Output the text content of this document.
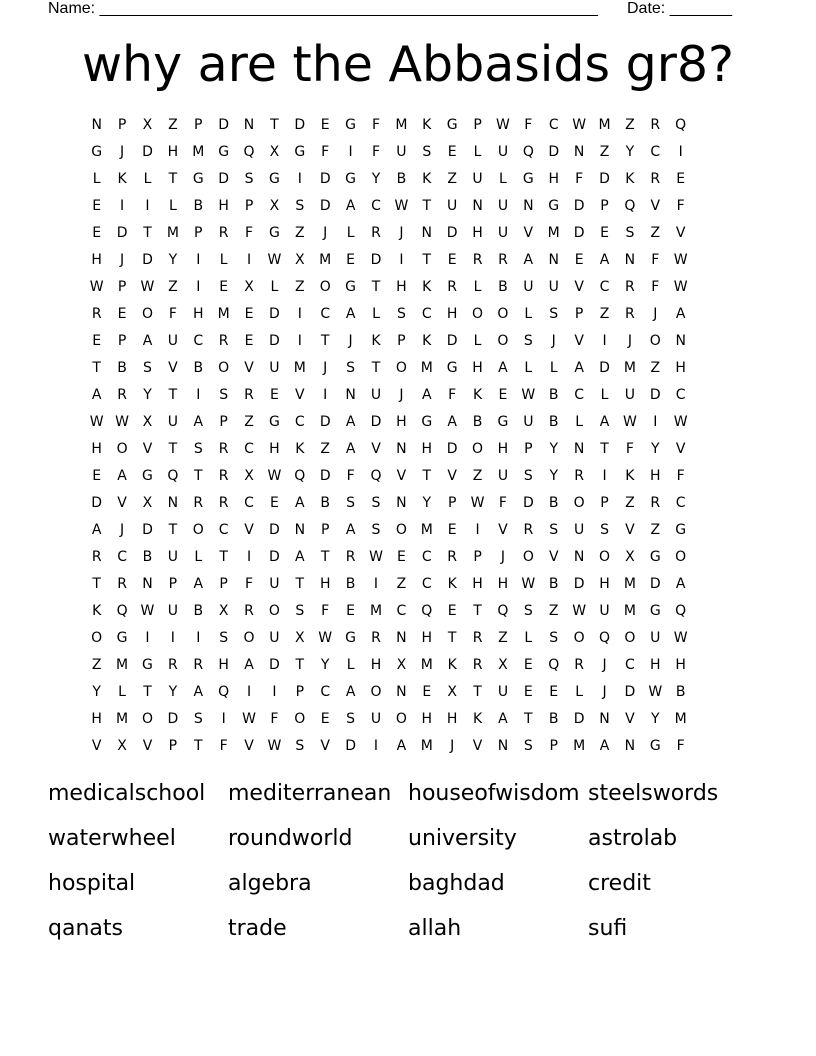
Name: ________________________________________________________ Date: _______
why are the Abbasids gr8?
N P X Z P D N T D E G F M K G P W F C W M Z R Q
G J D H M G Q X G F I F U S E L U Q D N Z Y C I
L K L T G D S G I D G Y B K Z U L G H F D K R E
E I I L B H P X S D A C W T U N U N G D P Q V F
E D T M P R F G Z J L R J N D H U V M D E S Z V
H J D Y I L I W X M E D I T E R R A N E A N F W
W P W Z I E X L Z O G T H K R L B U U V C R F W
R E O F H M E D I C A L S C H O O L S P Z R J A
E P A U C R E D I T J K P K D L O S J V I J O N
T B S V B O V U M J S T O M G H A L L A D M Z H
A R Y T I S R E V I N U J A F K E W B C L U D C
W W X U A P Z G C D A D H G A B G U B L A W I W
H O V T S R C H K Z A V N H D O H P Y N T F Y V
E A G Q T R X W Q D F Q V T V Z U S Y R I K H F
D V X N R R C E A B S S N Y P W F D B O P Z R C
A J D T O C V D N P A S O M E I V R S U S V Z G
R C B U L T I D A T R W E C R P J O V N O X G O
T R N P A P F U T H B I Z C K H H W B D H M D A
K Q W U B X R O S F E M C Q E T Q S Z W U M G Q
O G I I I S O U X W G R N H T R Z L S O Q O U W
Z M G R R H A D T Y L H X M K R X E Q R J C H H
Y L T Y A Q I I P C A O N E X T U E E L J D W B
H M O D S I W F O E S U O H H K A T B D N V Y M
V X V P T F V W S V D I A M J V N S P M A N G F
medicalschool mediterranean houseofwisdom steelswords
waterwheel roundworld	university	astrolab
hospital	algebra	baghdad	credit
qanats	trade	allah	sufi
